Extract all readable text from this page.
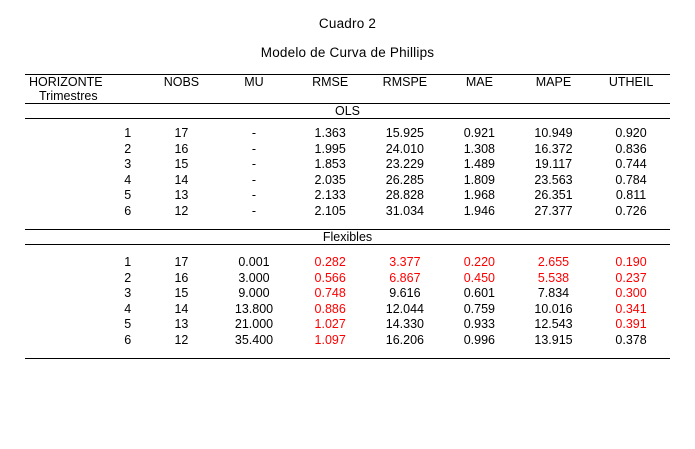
Cuadro 2
Modelo de Curva de Phillips
HORIZONTE	NOBS	MU	RMSE	RMSPE	MAE	MAPE	UTHEIL
Trimestres							
OLS							

1	17	-	1.363	15.925	0.921	10.949	0.920
2	16	-	1.995	24.010	1.308	16.372	0.836
3	15	-	1.853	23.229	1.489	19.117	0.744
4	14	-	2.035	26.285	1.809	23.563	0.784
5	13	-	2.133	28.828	1.968	26.351	0.811
6	12	-	2.105	31.034	1.946	27.377	0.726

Flexibles							

1	17	0.001	0.282	3.377	0.220	2.655	0.190
2	16	3.000	0.566	6.867	0.450	5.538	0.237
3	15	9.000	0.748	9.616	0.601	7.834	0.300
4	14	13.800	0.886	12.044	0.759	10.016	0.341
5	13	21.000	1.027	14.330	0.933	12.543	0.391
6	12	35.400	1.097	16.206	0.996	13.915	0.378
